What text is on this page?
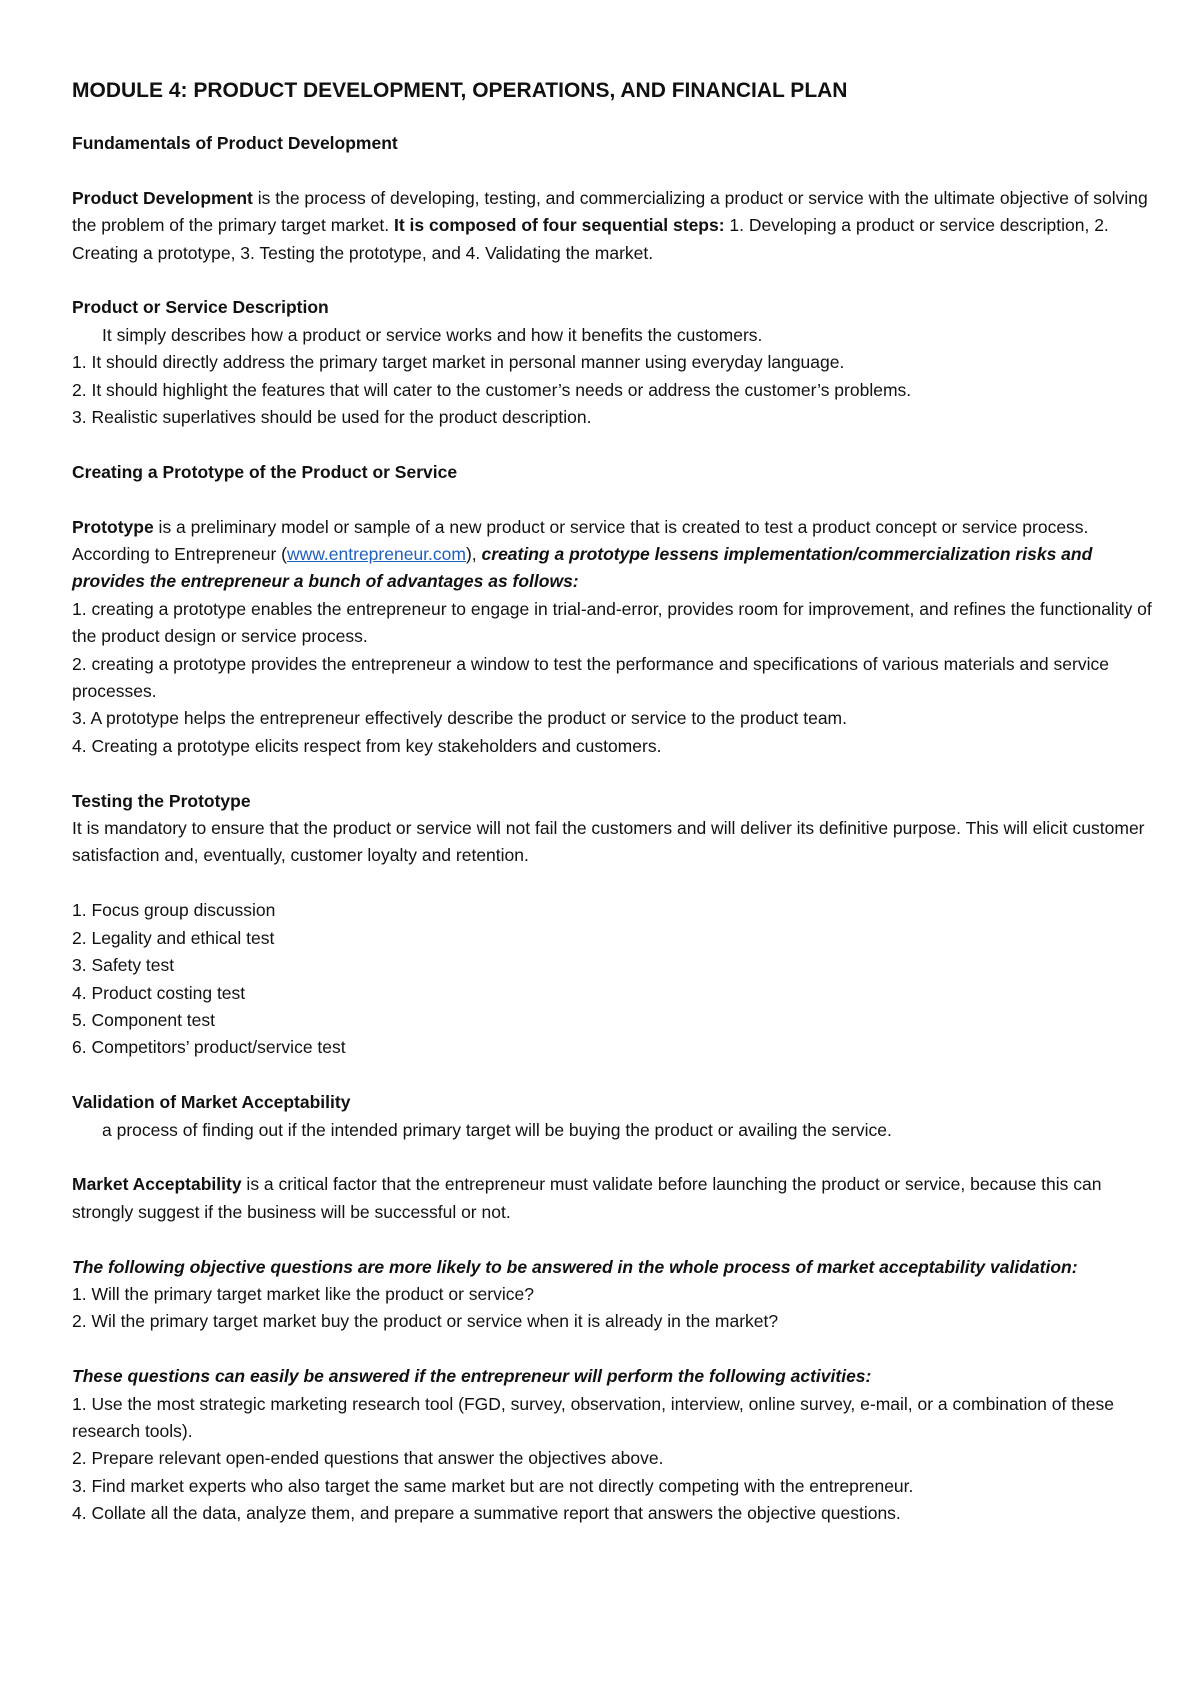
MODULE 4: PRODUCT DEVELOPMENT, OPERATIONS, AND FINANCIAL PLAN
Fundamentals of Product Development

Product Development is the process of developing, testing, and commercializing a product or service with the ultimate objective of solving the problem of the primary target market. It is composed of four sequential steps: 1. Developing a product or service description, 2. Creating a prototype, 3. Testing the prototype, and 4. Validating the market.

Product or Service Description

It simply describes how a product or service works and how it benefits the customers.

1. It should directly address the primary target market in personal manner using everyday language.

2. It should highlight the features that will cater to the customer’s needs or address the customer’s problems.

3. Realistic superlatives should be used for the product description.

Creating a Prototype of the Product or Service

Prototype is a preliminary model or sample of a new product or service that is created to test a product concept or service process.

According to Entrepreneur (www.entrepreneur.com), creating a prototype lessens implementation/commercialization risks and provides the entrepreneur a bunch of advantages as follows:

1. creating a prototype enables the entrepreneur to engage in trial-and-error, provides room for improvement, and refines the functionality of the product design or service process.

2. creating a prototype provides the entrepreneur a window to test the performance and specifications of various materials and service processes.

3. A prototype helps the entrepreneur effectively describe the product or service to the product team.

4. Creating a prototype elicits respect from key stakeholders and customers.

Testing the Prototype

It is mandatory to ensure that the product or service will not fail the customers and will deliver its definitive purpose. This will elicit customer satisfaction and, eventually, customer loyalty and retention.

1. Focus group discussion

2. Legality and ethical test

3. Safety test

4. Product costing test

5. Component test

6. Competitors’ product/service test

Validation of Market Acceptability

a process of finding out if the intended primary target will be buying the product or availing the service.

Market Acceptability is a critical factor that the entrepreneur must validate before launching the product or service, because this can strongly suggest if the business will be successful or not.

The following objective questions are more likely to be answered in the whole process of market acceptability validation:

1. Will the primary target market like the product or service?

2. Wil the primary target market buy the product or service when it is already in the market?

These questions can easily be answered if the entrepreneur will perform the following activities:

1. Use the most strategic marketing research tool (FGD, survey, observation, interview, online survey, e-mail, or a combination of these research tools).

2. Prepare relevant open-ended questions that answer the objectives above.

3. Find market experts who also target the same market but are not directly competing with the entrepreneur.

4. Collate all the data, analyze them, and prepare a summative report that answers the objective questions.
